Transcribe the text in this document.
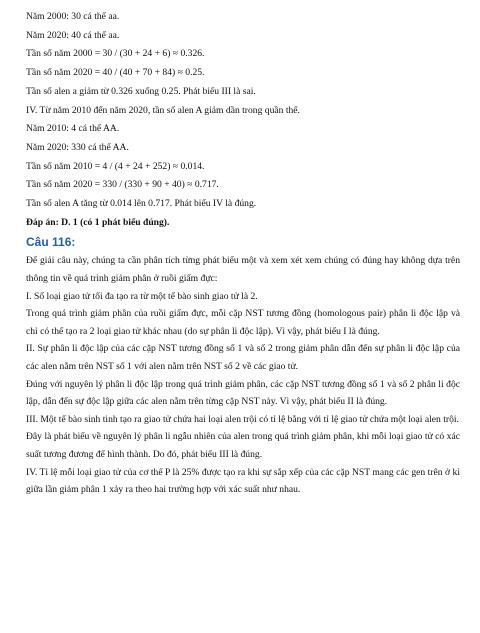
Năm 2000: 30 cá thể aa.

Năm 2020: 40 cá thể aa.

Tần số năm 2000 = 30 / (30 + 24 + 6) ≈ 0.326.

Tần số năm 2020 = 40 / (40 + 70 + 84) ≈ 0.25.

Tần số alen a giảm từ 0.326 xuống 0.25. Phát biểu III là sai.

IV. Từ năm 2010 đến năm 2020, tần số alen A giảm dần trong quần thể.

Năm 2010: 4 cá thể AA.

Năm 2020: 330 cá thể AA.

Tần số năm 2010 = 4 / (4 + 24 + 252) ≈ 0.014.

Tần số năm 2020 = 330 / (330 + 90 + 40) ≈ 0.717.

Tần số alen A tăng từ 0.014 lên 0.717. Phát biểu IV là đúng.

Đáp án: D. 1 (có 1 phát biểu đúng).

Câu 116:

Để giải câu này, chúng ta cần phân tích từng phát biểu một và xem xét xem chúng có đúng hay không dựa trên thông tin về quá trình giảm phân ở ruồi giấm đực:

I. Số loại giao tử tối đa tạo ra từ một tế bào sinh giao tử là 2.

Trong quá trình giảm phân của ruồi giấm đực, mỗi cặp NST tương đồng (homologous pair) phân li độc lập và chỉ có thể tạo ra 2 loại giao tử khác nhau (do sự phân li độc lập). Vì vậy, phát biểu I là đúng.

II. Sự phân li độc lập của các cặp NST tương đồng số 1 và số 2 trong giảm phân dẫn đến sự phân li độc lập của các alen nằm trên NST số 1 với alen nằm trên NST số 2 về các giao tử.

Đúng với nguyên lý phân li độc lập trong quá trình giảm phân, các cặp NST tương đồng số 1 và số 2 phân li độc lập, dẫn đến sự độc lập giữa các alen nằm trên từng cặp NST này. Vì vậy, phát biểu II là đúng.

III. Một tế bào sinh tinh tạo ra giao tử chứa hai loại alen trội có tỉ lệ bằng với tỉ lệ giao tử chứa một loại alen trội.

Đây là phát biểu về nguyên lý phân li ngẫu nhiên của alen trong quá trình giảm phân, khi mỗi loại giao tử có xác suất tương đương để hình thành. Do đó, phát biểu III là đúng.

IV. Tỉ lệ mỗi loại giao tử của cơ thể P là 25% được tạo ra khi sự sắp xếp của các cặp NST mang các gen trên ở kì giữa lần giảm phân 1 xảy ra theo hai trường hợp với xác suất như nhau.
